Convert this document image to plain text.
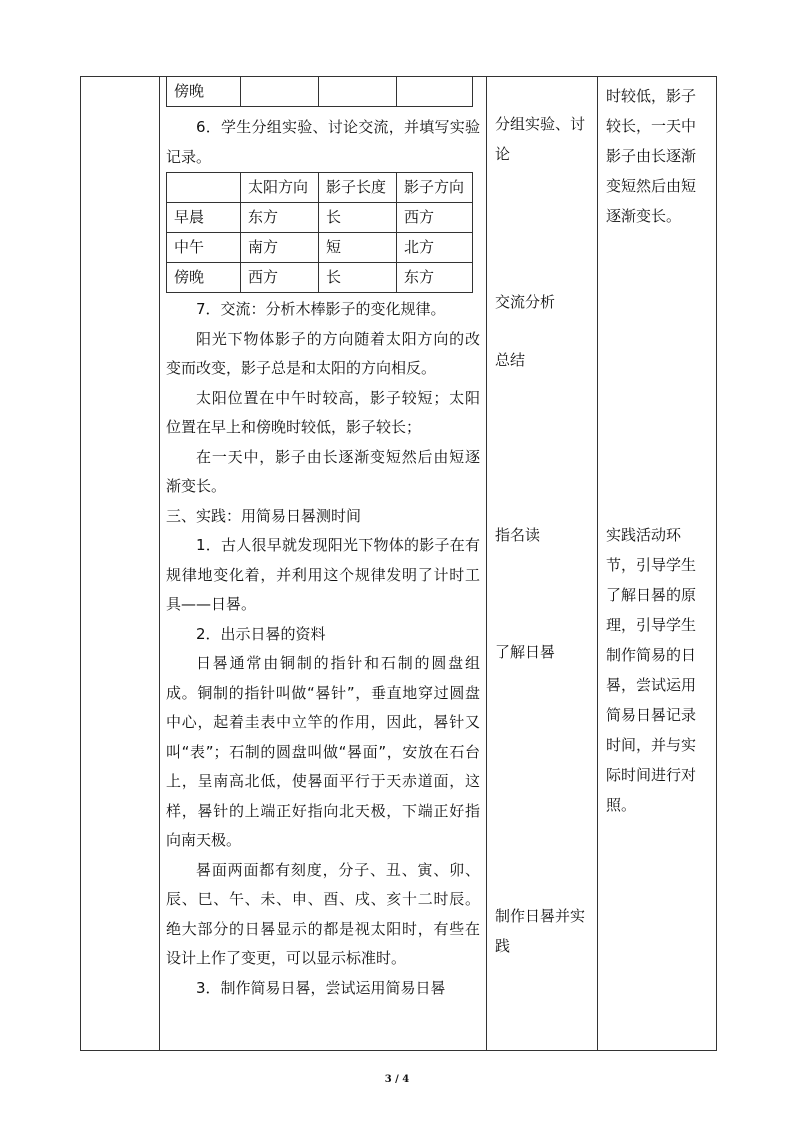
傍晚			

6．学生分组实验、讨论交流，并填写实验记录。

	太阳方向	影子长度	影子方向
早晨	东方	长	西方
中午	南方	短	北方
傍晚	西方	长	东方

7．交流：分析木棒影子的变化规律。

阳光下物体影子的方向随着太阳方向的改变而改变，影子总是和太阳的方向相反。

太阳位置在中午时较高，影子较短；太阳位置在早上和傍晚时较低，影子较长；

在一天中，影子由长逐渐变短然后由短逐渐变长。

三、实践：用简易日晷测时间

1．古人很早就发现阳光下物体的影子在有规律地变化着，并利用这个规律发明了计时工具——日晷。

2．出示日晷的资料

日晷通常由铜制的指针和石制的圆盘组成。铜制的指针叫做“晷针”，垂直地穿过圆盘中心，起着圭表中立竿的作用，因此，晷针又叫“表”；石制的圆盘叫做“晷面”，安放在石台上，呈南高北低，使晷面平行于天赤道面，这样，晷针的上端正好指向北天极，下端正好指向南天极。

晷面两面都有刻度，分子、丑、寅、卯、辰、巳、午、未、申、酉、戌、亥十二时辰。绝大部分的日晷显示的都是视太阳时，有些在设计上作了变更，可以显示标准时。

3．制作简易日晷，尝试运用简易日晷

分组实验、讨论
交流分析
总结
指名读
了解日晷
制作日晷并实践

时较低，影子较长，一天中影子由长逐渐变短然后由短逐渐变长。
实践活动环节，引导学生了解日晷的原理，引导学生制作简易的日晷，尝试运用简易日晷记录时间，并与实际时间进行对照。
3 / 4
